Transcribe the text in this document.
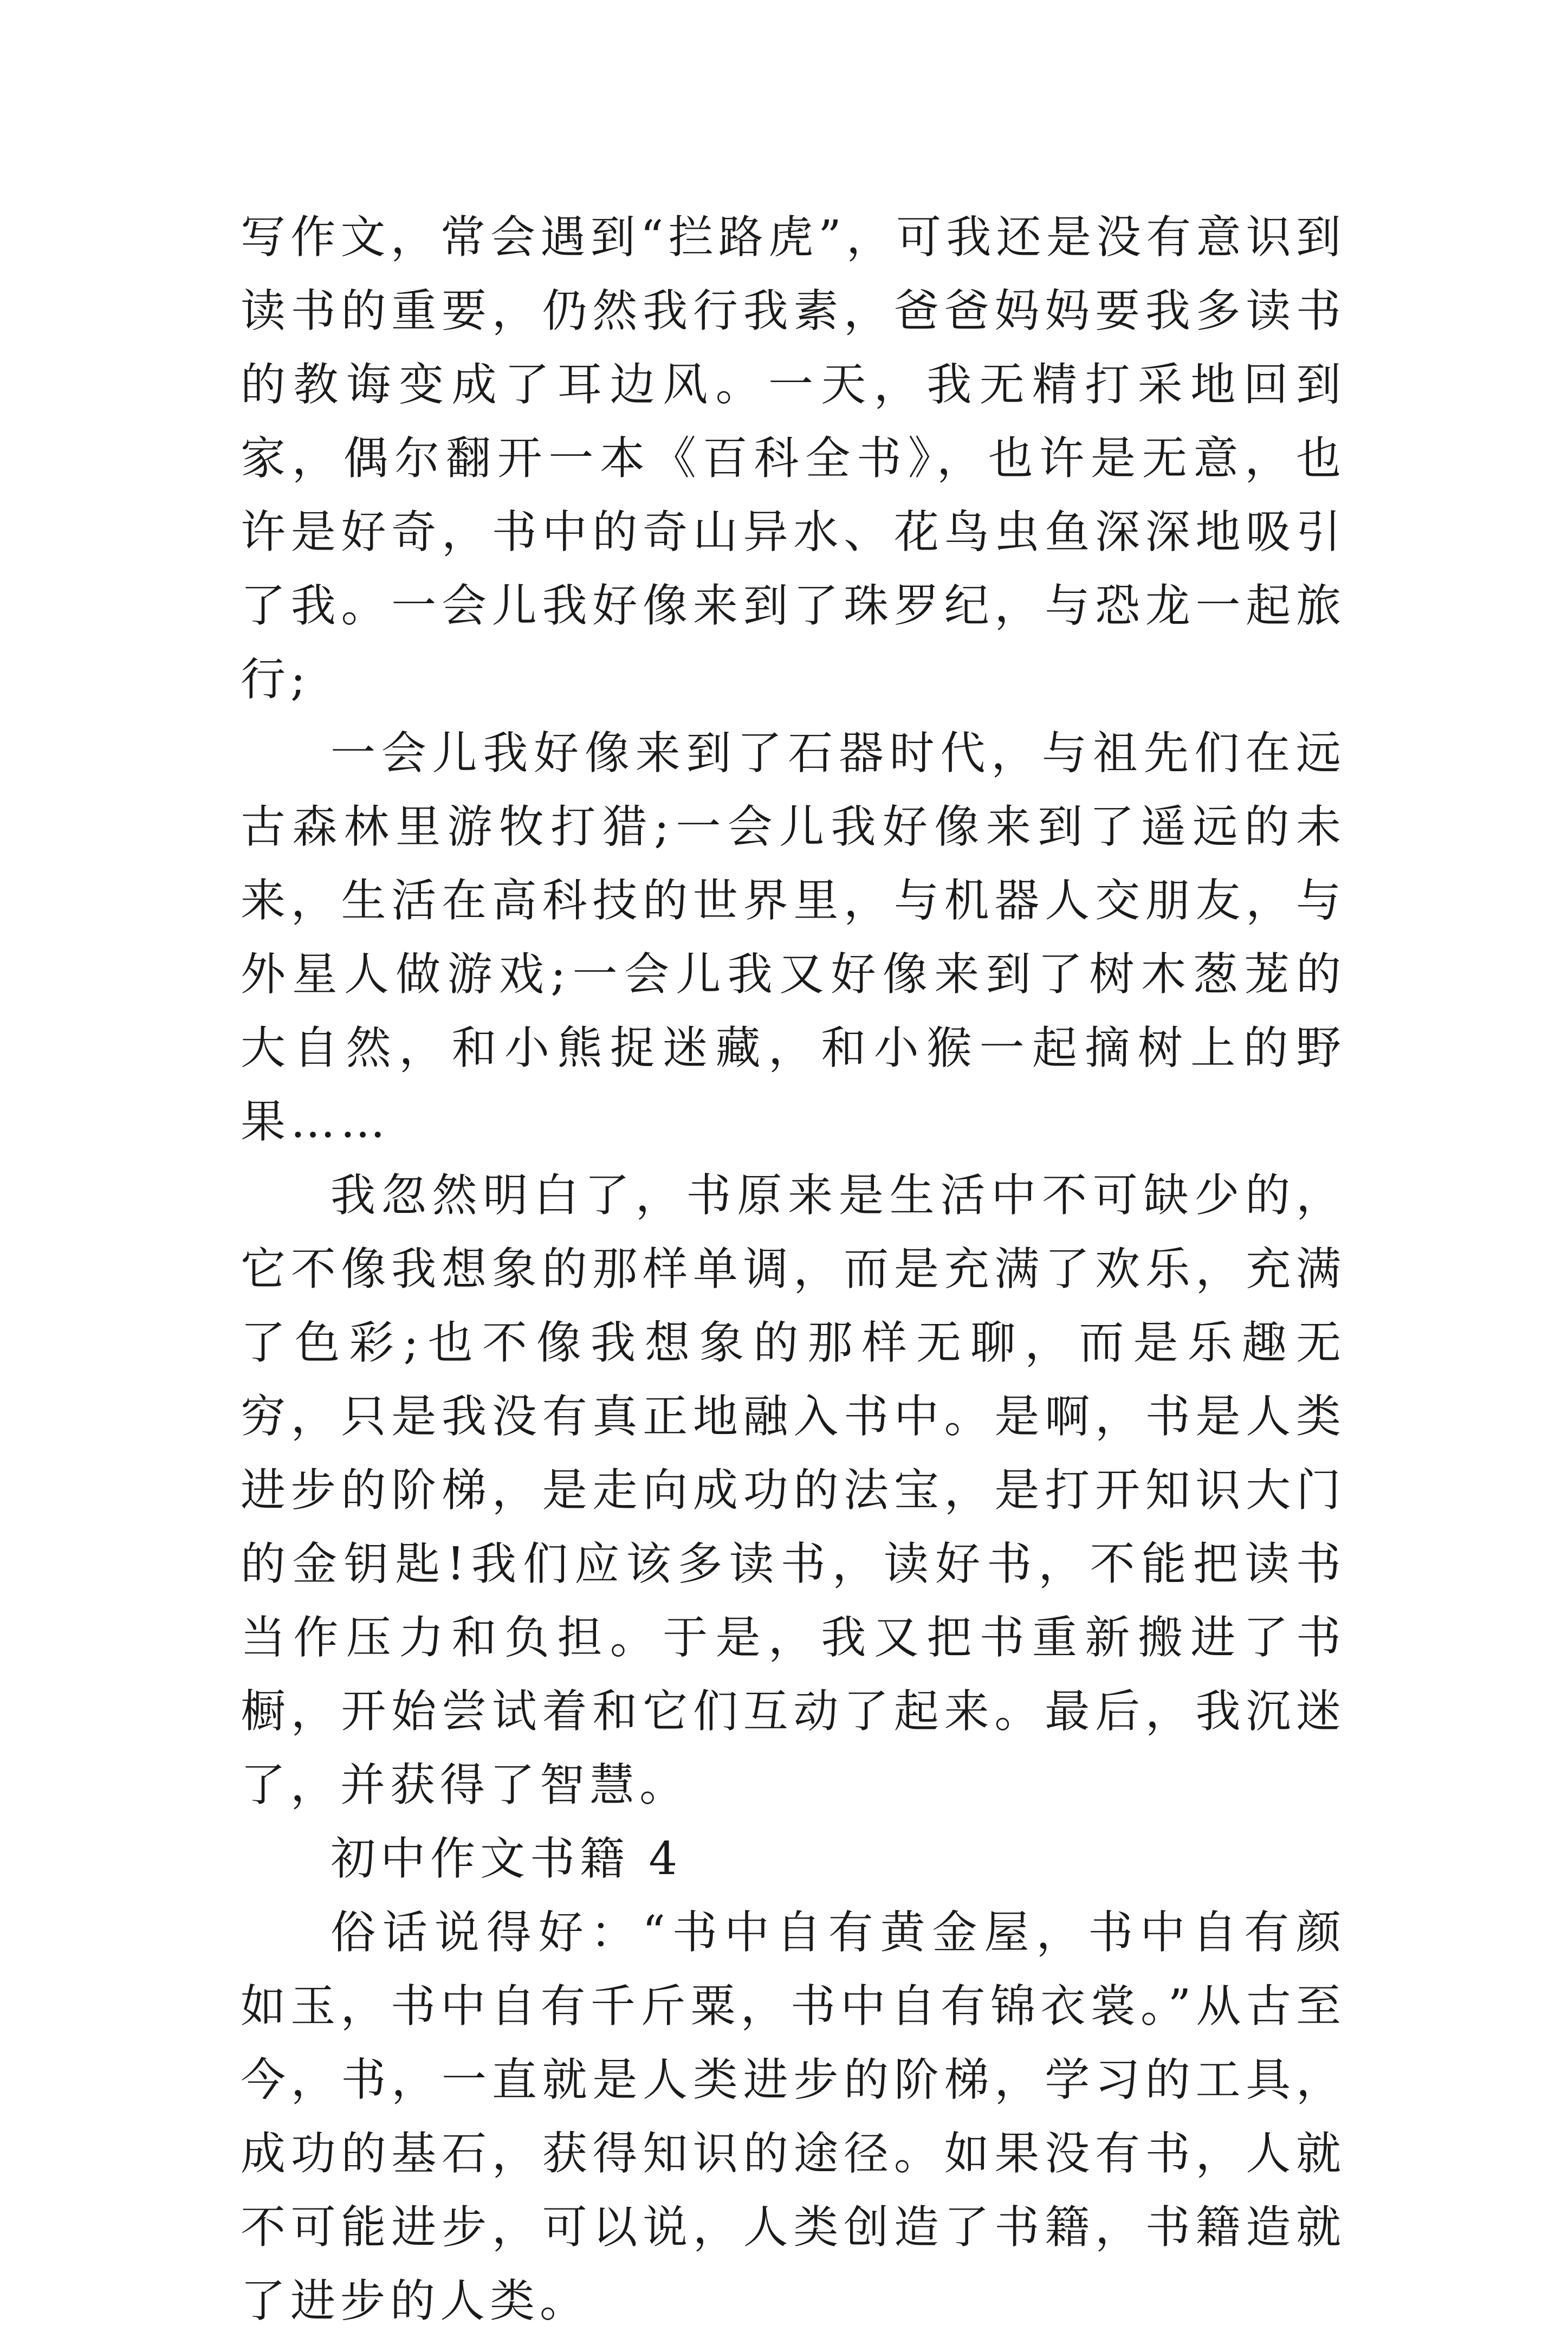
写作文，常会遇到“拦路虎”，可我还是没有意识到读书的重要，仍然我行我素，爸爸妈妈要我多读书的教诲变成了耳边风。一天，我无精打采地回到家，偶尔翻开一本《百科全书》，也许是无意，也许是好奇，书中的奇山异水、花鸟虫鱼深深地吸引了我。一会儿我好像来到了珠罗纪，与恐龙一起旅行;

一会儿我好像来到了石器时代，与祖先们在远古森林里游牧打猎;一会儿我好像来到了遥远的未来，生活在高科技的世界里，与机器人交朋友，与外星人做游戏;一会儿我又好像来到了树木葱茏的大自然，和小熊捉迷藏，和小猴一起摘树上的野果……

我忽然明白了，书原来是生活中不可缺少的，它不像我想象的那样单调，而是充满了欢乐，充满了色彩;也不像我想象的那样无聊，而是乐趣无穷，只是我没有真正地融入书中。是啊，书是人类进步的阶梯，是走向成功的法宝，是打开知识大门的金钥匙!我们应该多读书，读好书，不能把读书当作压力和负担。于是，我又把书重新搬进了书橱，开始尝试着和它们互动了起来。最后，我沉迷了，并获得了智慧。

初中作文书籍 4

俗话说得好：“书中自有黄金屋，书中自有颜如玉，书中自有千斤粟，书中自有锦衣裳。”从古至今，书，一直就是人类进步的阶梯，学习的工具，成功的基石，获得知识的途径。如果没有书，人就不可能进步，可以说，人类创造了书籍，书籍造就了进步的人类。
